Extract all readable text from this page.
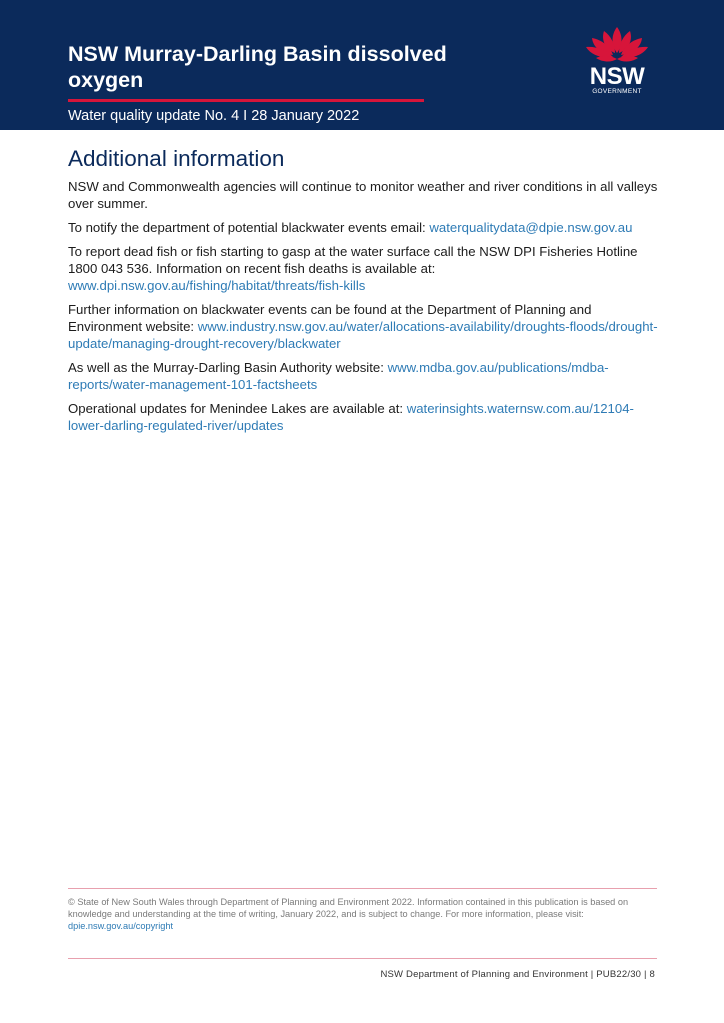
NSW Murray-Darling Basin dissolved oxygen
Water quality update No. 4 I 28 January 2022
NSW
GOVERNMENT
Additional information

NSW and Commonwealth agencies will continue to monitor weather and river conditions in all valleys over summer.

To notify the department of potential blackwater events email: waterqualitydata@dpie.nsw.gov.au

To report dead fish or fish starting to gasp at the water surface call the NSW DPI Fisheries Hotline 1800 043 536. Information on recent fish deaths is available at: www.dpi.nsw.gov.au/fishing/habitat/threats/fish-kills

Further information on blackwater events can be found at the Department of Planning and Environment website: www.industry.nsw.gov.au/water/allocations-availability/droughts-floods/drought-update/managing-drought-recovery/blackwater

As well as the Murray-Darling Basin Authority website: www.mdba.gov.au/publications/mdba-reports/water-management-101-factsheets

Operational updates for Menindee Lakes are available at: waterinsights.waternsw.com.au/12104-lower-darling-regulated-river/updates

© State of New South Wales through Department of Planning and Environment 2022. Information contained in this publication is based on knowledge and understanding at the time of writing, January 2022, and is subject to change. For more information, please visit:
dpie.nsw.gov.au/copyright
NSW Department of Planning and Environment | PUB22/30 | 8
